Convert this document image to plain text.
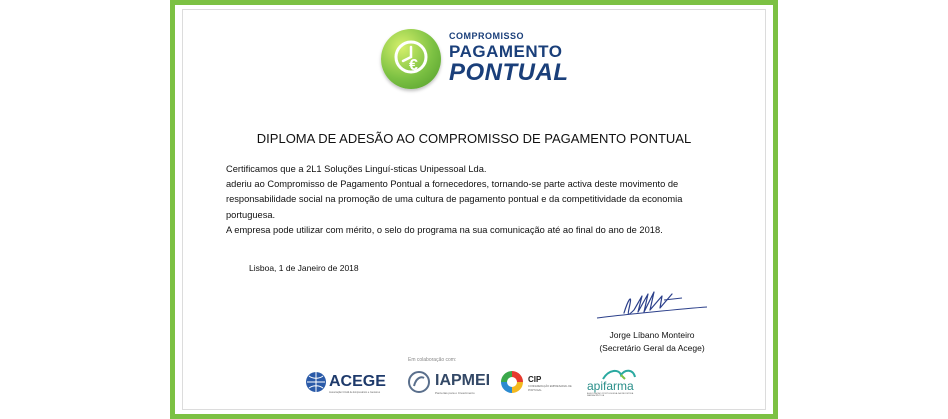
€
COMPROMISSO
PAGAMENTO
PONTUAL
DIPLOMA DE ADESÃO AO COMPROMISSO DE PAGAMENTO PONTUAL

Certificamos que a 2L1 Soluções Linguí-sticas Unipessoal Lda.

aderiu ao Compromisso de Pagamento Pontual a fornecedores, tornando-se parte activa deste movimento de responsabilidade social na promoção de uma cultura de pagamento pontual e da competitividade da economia portuguesa.

A empresa pode utilizar com mérito, o selo do programa na sua comunicação até ao final do ano de 2018.

Lisboa, 1 de Janeiro de 2018
Jorge Líbano Monteiro
(Secretário Geral da Acege)
Em colaboração com:
ACEGE
Associação Cristã de Empresários e Gestores
IAPMEI
Parcerias para o Crescimento
CIP
CONFEDERAÇÃO EMPRESARIAL DE PORTUGAL	apifarma
ASSOCIAÇÃO PORTUGUESA DA INDÚSTRIA FARMACÊUTICA
